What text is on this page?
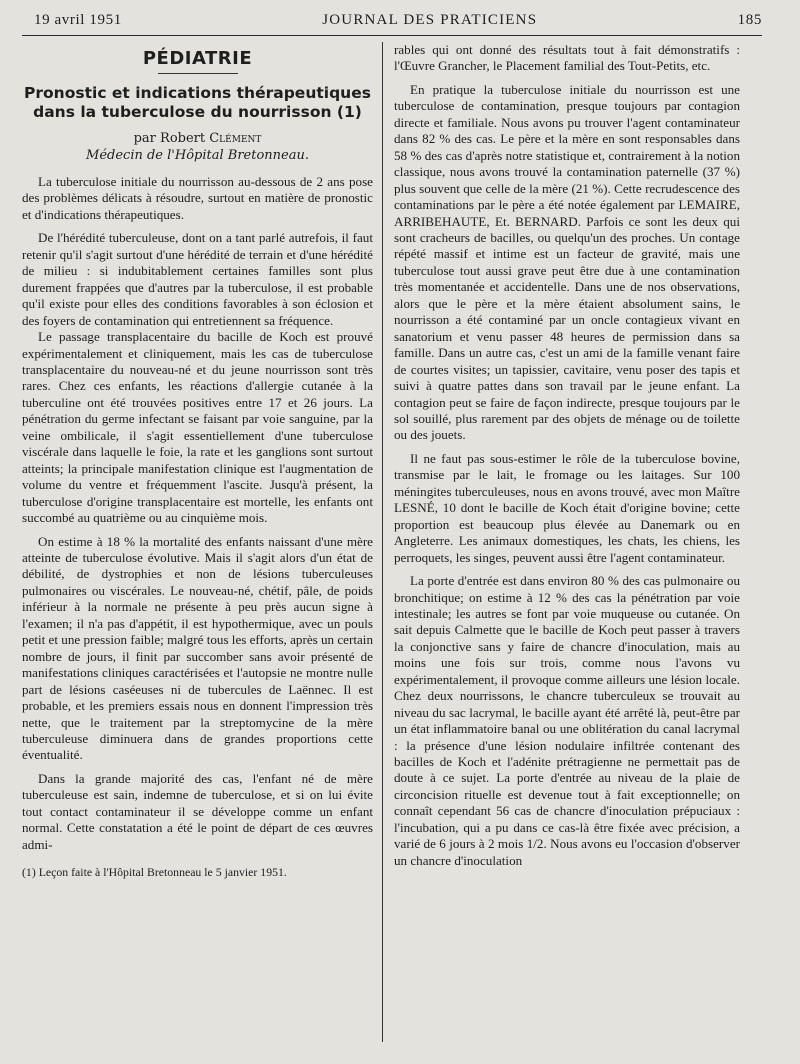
19 avril 1951	JOURNAL DES PRATICIENS	185
PÉDIATRIE
Pronostic et indications thérapeutiques dans la tuberculose du nourrisson (1)

par Robert Clément

Médecin de l'Hôpital Bretonneau.

La tuberculose initiale du nourrisson au-dessous de 2 ans pose des problèmes délicats à résoudre, surtout en matière de pronostic et d'indications thérapeutiques.

De l'hérédité tuberculeuse, dont on a tant parlé autrefois, il faut retenir qu'il s'agit surtout d'une hérédité de terrain et d'une hérédité de milieu : si indubitablement certaines familles sont plus durement frappées que d'autres par la tuberculose, il est probable qu'il existe pour elles des conditions favorables à son éclosion et des foyers de contamination qui entretiennent sa fréquence.

Le passage transplacentaire du bacille de Koch est prouvé expérimentalement et cliniquement, mais les cas de tuberculose transplacentaire du nouveau-né et du jeune nourrisson sont très rares. Chez ces enfants, les réactions d'allergie cutanée à la tuberculine ont été trouvées positives entre 17 et 26 jours. La pénétration du germe infectant se faisant par voie sanguine, par la veine ombilicale, il s'agit essentiellement d'une tuberculose viscérale dans laquelle le foie, la rate et les ganglions sont surtout atteints; la principale manifestation clinique est l'augmentation de volume du ventre et fréquemment l'ascite. Jusqu'à présent, la tuberculose d'origine transplacentaire est mortelle, les enfants ont succombé au quatrième ou au cinquième mois.

On estime à 18 % la mortalité des enfants naissant d'une mère atteinte de tuberculose évolutive. Mais il s'agit alors d'un état de débilité, de dystrophies et non de lésions tuberculeuses pulmonaires ou viscérales. Le nouveau-né, chétif, pâle, de poids inférieur à la normale ne présente à peu près aucun signe à l'examen; il n'a pas d'appétit, il est hypothermique, avec un pouls petit et une pression faible; malgré tous les efforts, après un certain nombre de jours, il finit par succomber sans avoir présenté de manifestations cliniques caractérisées et l'autopsie ne montre nulle part de lésions caséeuses ni de tubercules de Laënnec. Il est probable, et les premiers essais nous en donnent l'impression très nette, que le traitement par la streptomycine de la mère tuberculeuse diminuera dans de grandes proportions cette éventualité.

Dans la grande majorité des cas, l'enfant né de mère tuberculeuse est sain, indemne de tuberculose, et si on lui évite tout contact contaminateur il se développe comme un enfant normal. Cette constatation a été le point de départ de ces œuvres admi-

(1) Leçon faite à l'Hôpital Bretonneau le 5 janvier 1951.

rables qui ont donné des résultats tout à fait démonstratifs : l'Œuvre Grancher, le Placement familial des Tout-Petits, etc.

En pratique la tuberculose initiale du nourrisson est une tuberculose de contamination, presque toujours par contagion directe et familiale. Nous avons pu trouver l'agent contaminateur dans 82 % des cas. Le père et la mère en sont responsables dans 58 % des cas d'après notre statistique et, contrairement à la notion classique, nous avons trouvé la contamination paternelle (37 %) plus souvent que celle de la mère (21 %). Cette recrudescence des contaminations par le père a été notée également par LEMAIRE, ARRIBEHAUTE, Et. BERNARD. Parfois ce sont les deux qui sont cracheurs de bacilles, ou quelqu'un des proches. Un contage répété massif et intime est un facteur de gravité, mais une tuberculose tout aussi grave peut être due à une contamination très momentanée et accidentelle. Dans une de nos observations, alors que le père et la mère étaient absolument sains, le nourrisson a été contaminé par un oncle contagieux vivant en sanatorium et venu passer 48 heures de permission dans sa famille. Dans un autre cas, c'est un ami de la famille venant faire de courtes visites; un tapissier, cavitaire, venu poser des tapis et suivi à quatre pattes dans son travail par le jeune enfant. La contagion peut se faire de façon indirecte, presque toujours par le sol souillé, plus rarement par des objets de ménage ou de toilette ou des jouets.

Il ne faut pas sous-estimer le rôle de la tuberculose bovine, transmise par le lait, le fromage ou les laitages. Sur 100 méningites tuberculeuses, nous en avons trouvé, avec mon Maître LESNÉ, 10 dont le bacille de Koch était d'origine bovine; cette proportion est beaucoup plus élevée au Danemark ou en Angleterre. Les animaux domestiques, les chats, les chiens, les perroquets, les singes, peuvent aussi être l'agent contaminateur.

La porte d'entrée est dans environ 80 % des cas pulmonaire ou bronchitique; on estime à 12 % des cas la pénétration par voie intestinale; les autres se font par voie muqueuse ou cutanée. On sait depuis Calmette que le bacille de Koch peut passer à travers la conjonctive sans y faire de chancre d'inoculation, mais au moins une fois sur trois, comme nous l'avons vu expérimentalement, il provoque comme ailleurs une lésion locale. Chez deux nourrissons, le chancre tuberculeux se trouvait au niveau du sac lacrymal, le bacille ayant été arrêté là, peut-être par un état inflammatoire banal ou une oblitération du canal lacrymal : la présence d'une lésion nodulaire infiltrée contenant des bacilles de Koch et l'adénite prétragienne ne permettait pas de doute à ce sujet. La porte d'entrée au niveau de la plaie de circoncision rituelle est devenue tout à fait exceptionnelle; on connaît cependant 56 cas de chancre d'inoculation prépuciaux : l'incubation, qui a pu dans ce cas-là être fixée avec précision, a varié de 6 jours à 2 mois 1/2. Nous avons eu l'occasion d'observer un chancre d'inoculation
